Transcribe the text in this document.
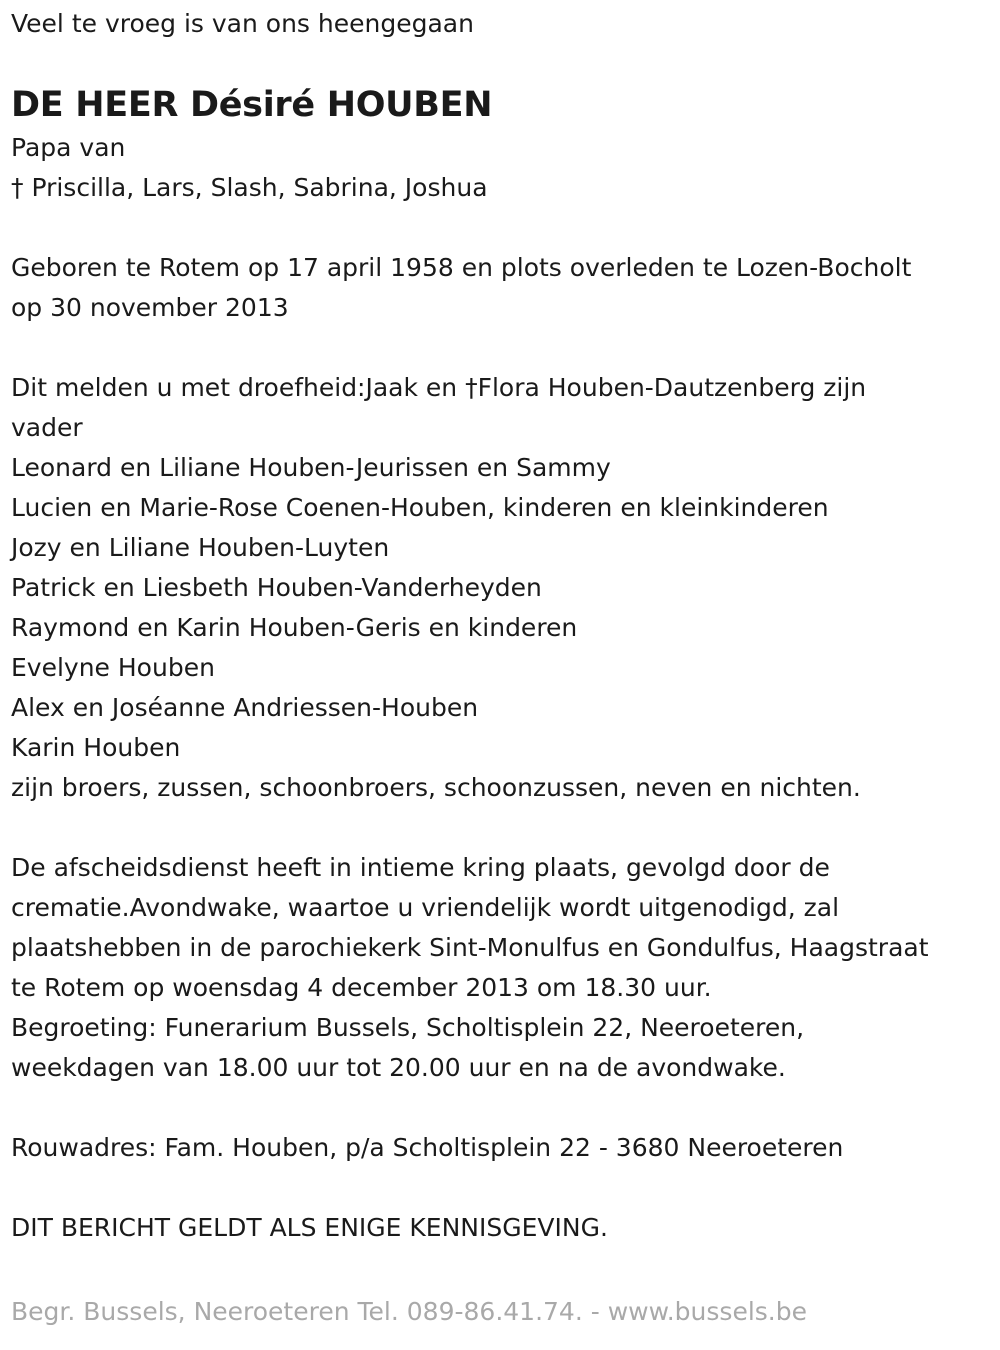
Veel te vroeg is van ons heengegaan
DE HEER Désiré HOUBEN
Papa van
† Priscilla, Lars, Slash, Sabrina, Joshua
Geboren te Rotem op 17 april 1958 en plots overleden te Lozen-Bocholt
op 30 november 2013
Dit melden u met droefheid:Jaak en †Flora Houben-Dautzenberg zijn
vader
Leonard en Liliane Houben-Jeurissen en Sammy
Lucien en Marie-Rose Coenen-Houben, kinderen en kleinkinderen
Jozy en Liliane Houben-Luyten
Patrick en Liesbeth Houben-Vanderheyden
Raymond en Karin Houben-Geris en kinderen
Evelyne Houben
Alex en Joséanne Andriessen-Houben
Karin Houben
zijn broers, zussen, schoonbroers, schoonzussen, neven en nichten.
De afscheidsdienst heeft in intieme kring plaats, gevolgd door de
crematie.Avondwake, waartoe u vriendelijk wordt uitgenodigd, zal
plaatshebben in de parochiekerk Sint-Monulfus en Gondulfus, Haagstraat
te Rotem op woensdag 4 december 2013 om 18.30 uur.
Begroeting: Funerarium Bussels, Scholtisplein 22, Neeroeteren,
weekdagen van 18.00 uur tot 20.00 uur en na de avondwake.
Rouwadres: Fam. Houben, p/a Scholtisplein 22 - 3680 Neeroeteren
DIT BERICHT GELDT ALS ENIGE KENNISGEVING.
Begr. Bussels, Neeroeteren Tel. 089-86.41.74. - www.bussels.be
